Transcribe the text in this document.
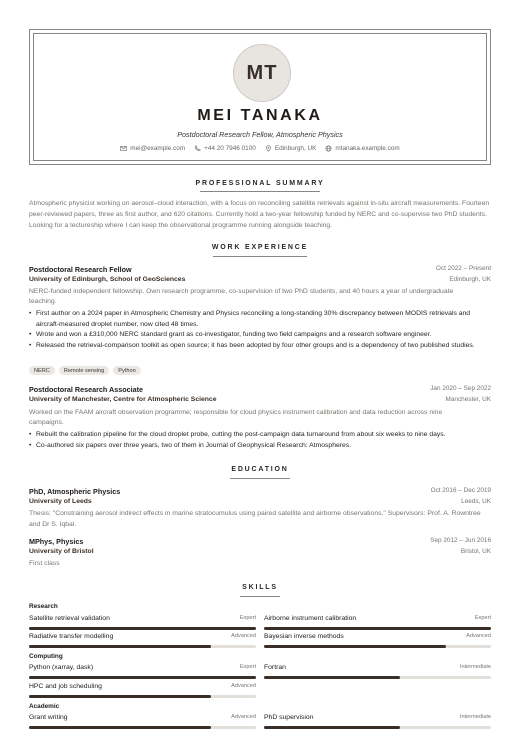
MT
MEI TANAKA
Postdoctoral Research Fellow, Atmospheric Physics
mei@example.com	+44 20 7946 0100	Edinburgh, UK	mtanaka.example.com
PROFESSIONAL SUMMARY
Atmospheric physicist working on aerosol–cloud interaction, with a focus on reconciling satellite retrievals against in-situ aircraft measurements. Fourteen peer-reviewed papers, three as first author, and 620 citations. Currently hold a two-year fellowship funded by NERC and co-supervise two PhD students. Looking for a lectureship where I can keep the observational programme running alongside teaching.
WORK EXPERIENCE
Postdoctoral Research Fellow	Oct 2022 – Present
University of Edinburgh, School of GeoSciences	Edinburgh, UK
NERC-funded independent fellowship. Own research programme, co-supervision of two PhD students, and 40 hours a year of undergraduate teaching.
• First author on a 2024 paper in Atmospheric Chemistry and Physics reconciling a long-standing 30% discrepancy between MODIS retrievals and aircraft-measured droplet number, now cited 48 times.
• Wrote and won a £310,000 NERC standard grant as co-investigator, funding two field campaigns and a research software engineer.
• Released the retrieval-comparison toolkit as open source; it has been adopted by four other groups and is a dependency of two published studies.
NERC	Remote sensing	Python
Postdoctoral Research Associate	Jan 2020 – Sep 2022
University of Manchester, Centre for Atmospheric Science	Manchester, UK
Worked on the FAAM aircraft observation programme; responsible for cloud physics instrument calibration and data reduction across nine campaigns.
• Rebuilt the calibration pipeline for the cloud droplet probe, cutting the post-campaign data turnaround from about six weeks to nine days.
• Co-authored six papers over three years, two of them in Journal of Geophysical Research: Atmospheres.
EDUCATION
PhD, Atmospheric Physics	Oct 2016 – Dec 2019
University of Leeds	Leeds, UK
Thesis: "Constraining aerosol indirect effects in marine stratocumulus using paired satellite and airborne observations." Supervisors: Prof. A. Rowntree and Dr S. Iqbal.
MPhys, Physics	Sep 2012 – Jun 2016
University of Bristol	Bristol, UK
First class
SKILLS
Research
Satellite retrieval validation	Expert Airborne instrument calibration	Expert
Radiative transfer modelling	Advanced Bayesian inverse methods	Advanced
Computing
Python (xarray, dask)	Expert Fortran	Intermediate
HPC and job scheduling	Advanced
Academic
Grant writing	Advanced PhD supervision	Intermediate
